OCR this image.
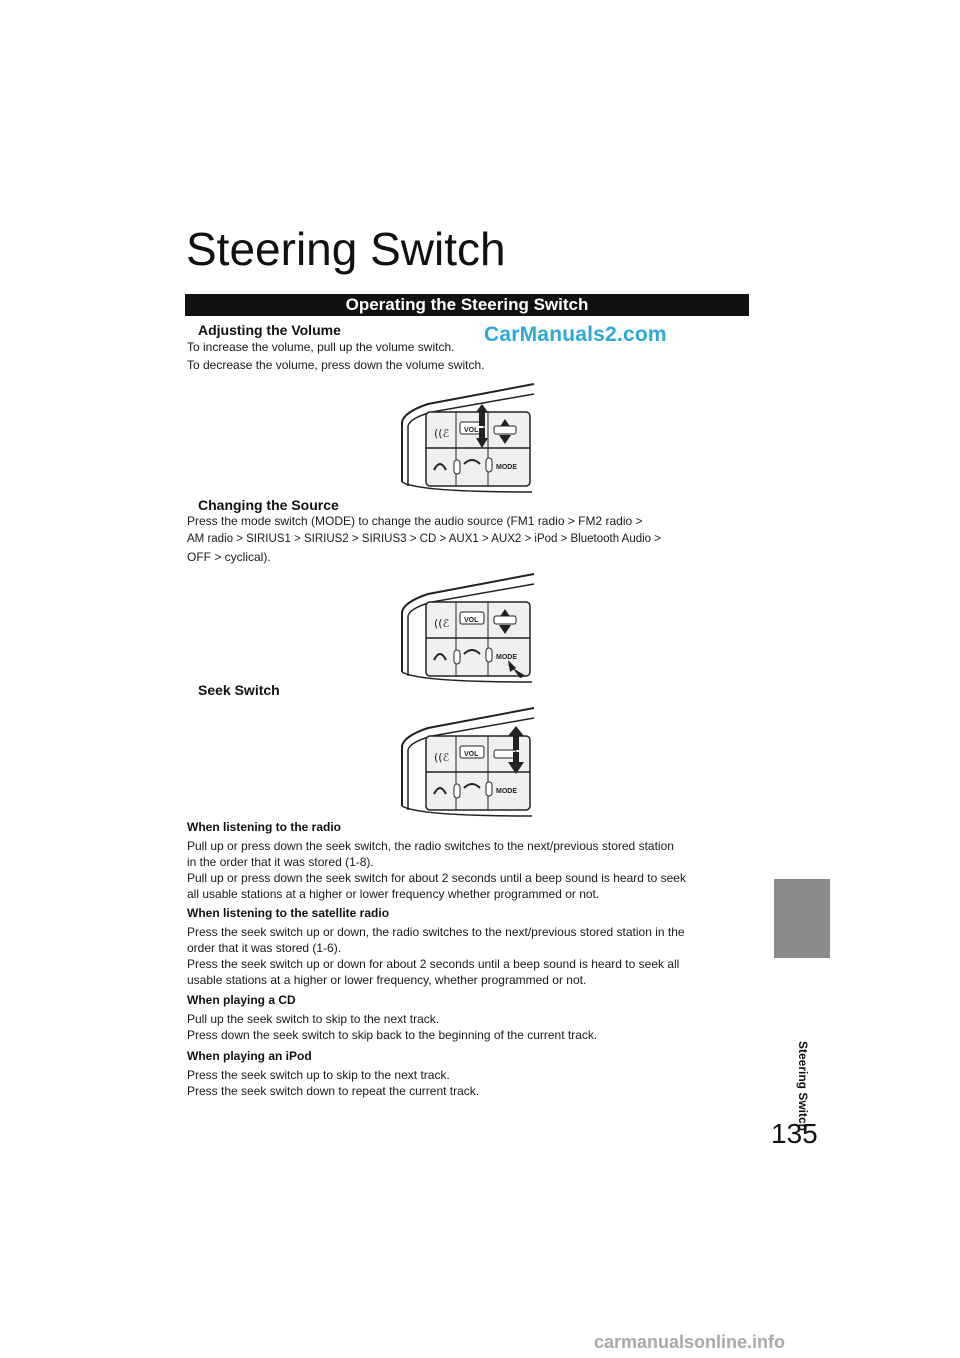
Steering Switch
Operating the Steering Switch
Adjusting the Volume	CarManuals2.com

To increase the volume, pull up the volume switch.

To decrease the volume, press down the volume switch.

((ℰ VOL
MODE
Changing the Source

Press the mode switch (MODE) to change the audio source (FM1 radio > FM2 radio >

AM radio > SIRIUS1 > SIRIUS2 > SIRIUS3 > CD > AUX1 > AUX2 > iPod > Bluetooth Audio >

OFF > cyclical).

((ℰ VOL
MODE
Seek Switch
((ℰ VOL
MODE
When listening to the radio

Pull up or press down the seek switch, the radio switches to the next/previous stored station

in the order that it was stored (1-8).

Pull up or press down the seek switch for about 2 seconds until a beep sound is heard to seek

all usable stations at a higher or lower frequency whether programmed or not.

When listening to the satellite radio

Press the seek switch up or down, the radio switches to the next/previous stored station in the

order that it was stored (1-6).

Press the seek switch up or down for about 2 seconds until a beep sound is heard to seek all

usable stations at a higher or lower frequency, whether programmed or not.

When playing a CD

Pull up the seek switch to skip to the next track.

Press down the seek switch to skip back to the beginning of the current track.

When playing an iPod

Press the seek switch up to skip to the next track.

Press the seek switch down to repeat the current track.	Steering Switch
135
carmanualsonline.info
